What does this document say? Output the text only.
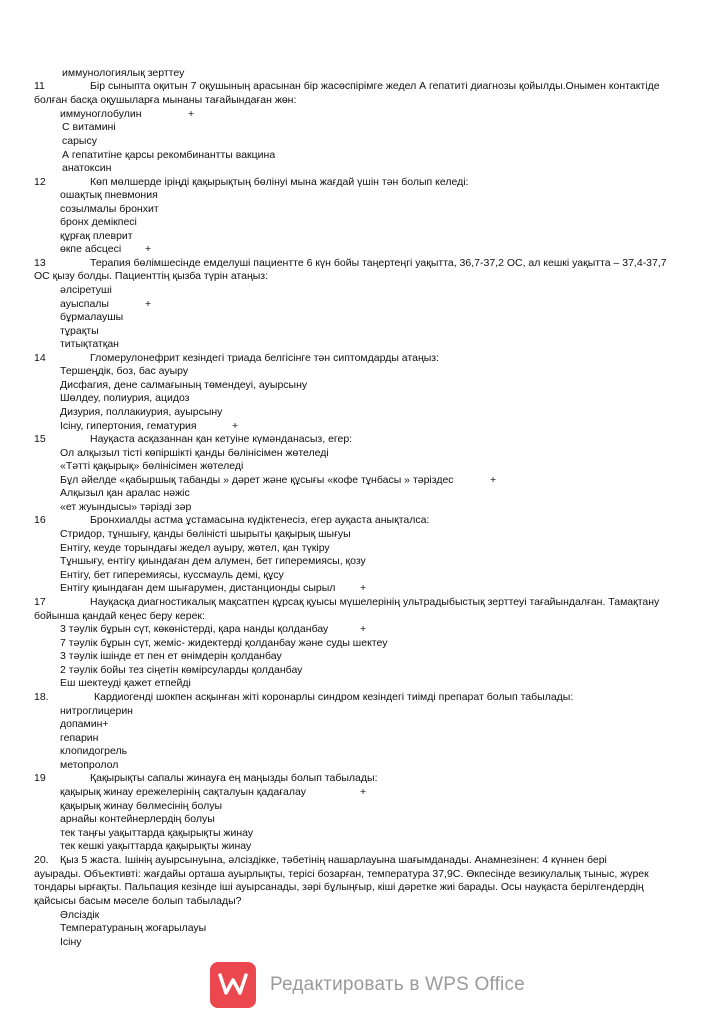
иммунологиялық зерттеу
11	Бір сыныпта оқитын 7 оқушының арасынан бір жасөспірімге жедел А гепатиті диагнозы қойылды.Онымен контактіде
болған басқа оқушыларға мынаны тағайындаған жөн:
иммуноглобулин	+
С витамині
сарысу
А гепатитіне қарсы рекомбинантты вакцина
анатоксин
12	Көп мөлшерде іріңді қақырықтың бөлінуі мына жағдай үшін тән болып келеді:
ошақтық пневмония
созылмалы бронхит
бронх демікпесі
құрғақ плеврит
өкпе абсцесі +
13	Терапия бөлімшесінде емделуші пациентте 6 күн бойы таңертеңгі уақытта, 36,7-37,2 ОС, ал кешкі уақытта – 37,4-37,7
ОС қызу болды. Пациенттің қызба түрін атаңыз:
әлсіретуші
ауыспалы	+
бұрмалаушы
тұрақты
титықтатқан
14	Гломерулонефрит кезіндегі триада белгісінге тән сиптомдарды атаңыз:
Тершеңдік, боз, бас ауыру
Дисфагия, дене салмағының төмендеуі, ауырсыну
Шөлдеу, полиурия, ацидоз
Дизурия, поллакиурия, ауырсыну
Ісіну, гипертония, гематурия	+
15	Науқаста асқазаннан қан кетуіне күмәнданасыз, егер:
Ол алқызыл тісті көпіршікті қанды бөлінісімен жөтеледі
«Тәтті қақырық» бөлінісімен жөтеледі
Бұл әйелде «қабыршық табанды » дәрет және құсығы «кофе тұнбасы » тәріздес	+
Алқызыл қан аралас нәжіс
«ет жуындысы» тәрізді зәр
16	Бронхиалды астма ұстамасына күдіктенесіз, егер ауқаста анықталса:
Стридор, тұншығу, қанды бөліністі шырыты қақырық шығуы
Ентігу, кеуде торындағы жедел ауыру, жөтел, қан түкіру
Тұншығу, ентігу қиындаған дем алумен, бет гиперемиясы, қозу
Ентігу, бет гиперемиясы, куссмауль демі, құсу
Ентігу қиындаған дем шығарумен, дистанционды сырыл +
17	Науқасқа диагностикалық мақсатпен құрсақ қуысы мүшелерінің ультрадыбыстық зерттеуі тағайындалған. Тамақтану
бойынша қандай кеңес беру керек:
3 тәулік бұрын сүт, көкөністерді, қара нанды қолданбау	+
7 тәулік бұрын сүт, жеміс- жидектерді қолданбау және суды шектеу
3 тәулік ішінде ет пен ет өнімдерін қолданбау
2 тәулік бойы тез сіңетін көмірсуларды қолданбау
Еш шектеуді қажет етпейді
18.	Кардиогенді шокпен асқынған жіті коронарлы синдром кезіндегі тиімді препарат болып табылады:
нитроглицерин
допамин+
гепарин
клопидогрель
метопролол
19	Қақырықты сапалы жинауға ең маңызды болып табылады:
қақырық жинау ережелерінің сақталуын қадағалау	+
қақырық жинау бөлмесінің болуы
арнайы контейнерлердің болуы
тек таңғы уақыттарда қақырықты жинау
тек кешкі уақыттарда қақырықты жинау
20. Қыз 5 жаста. Ішінің ауырсынуына, әлсіздікке, тәбетінің нашарлауына шағымданады. Анамнезінен: 4 күннен бері
ауырады. Объективті: жағдайы орташа ауырлықты, терісі бозарған, температура 37,9С. Өкпесінде везикулалық тыныс, жүрек
тондары ырғақты. Пальпация кезінде іші ауырсанады, зәрі бұлыңғыр, кіші дәретке жиі барады. Осы науқаста берілгендердің
қайсысы басым мәселе болып табылады?
Әлсіздік
Температураның жоғарылауы
Ісіну
Редактировать в WPS Office
